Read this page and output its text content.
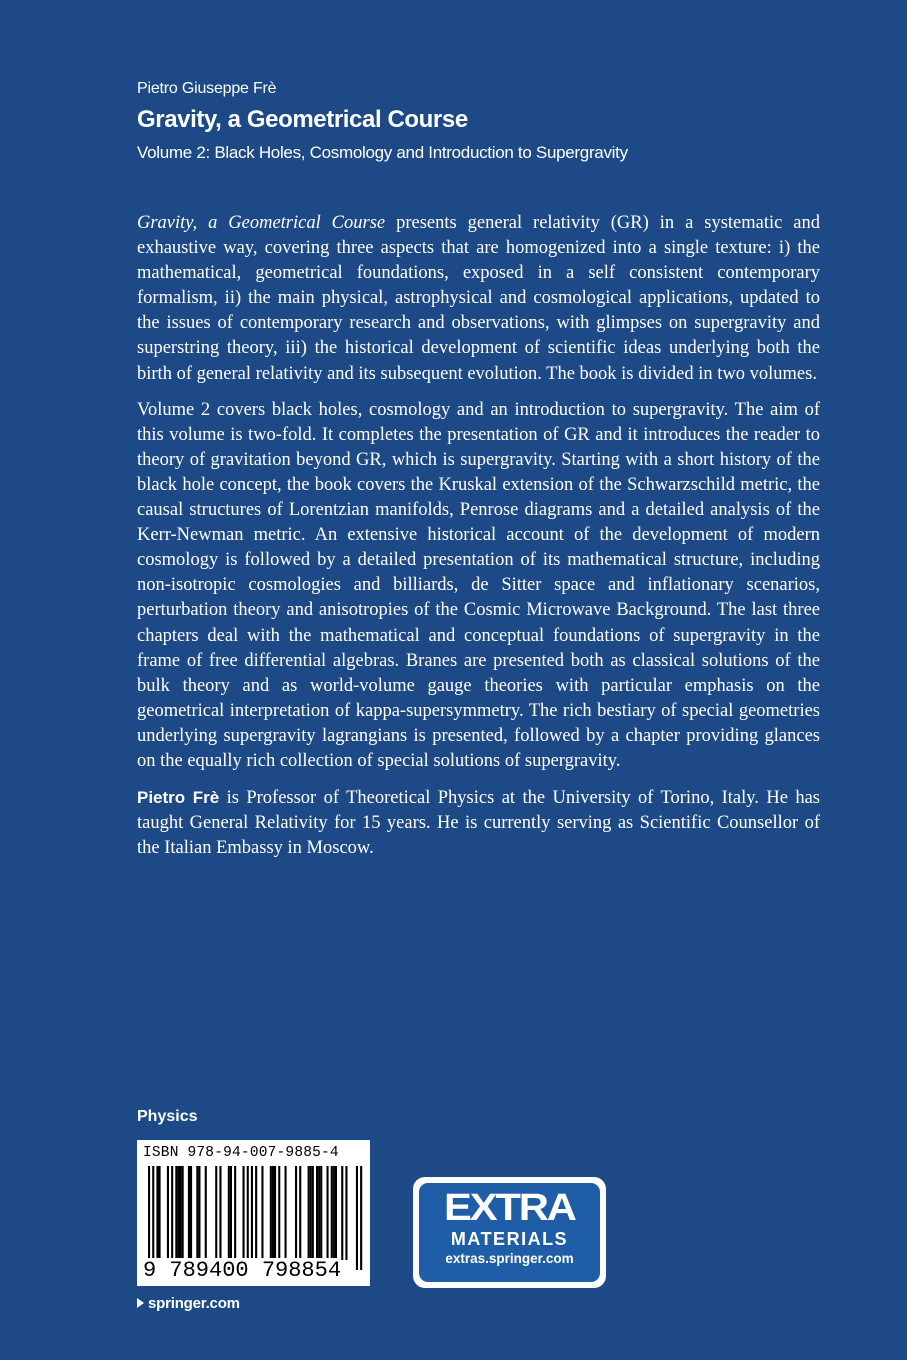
Pietro Giuseppe Frè
Gravity, a Geometrical Course
Volume 2: Black Holes, Cosmology and Introduction to Supergravity

Gravity, a Geometrical Course presents general relativity (GR) in a systematic and exhaustive way, covering three aspects that are homogenized into a single texture: i) the mathematical, geometrical foundations, exposed in a self consistent contemporary formalism, ii) the main physical, astrophysical and cosmological applications, updated to the issues of contemporary research and observations, with glimpses on supergravity and superstring theory, iii) the historical development of scientific ideas underlying both the birth of general relativity and its subsequent evolution. The book is divided in two volumes.

Volume 2 covers black holes, cosmology and an introduction to supergravity. The aim of this volume is two-fold. It completes the presentation of GR and it introduces the reader to theory of gravitation beyond GR, which is supergravity. Starting with a short history of the black hole concept, the book covers the Kruskal extension of the Schwarzschild metric, the causal structures of Lorentzian manifolds, Penrose diagrams and a detailed analysis of the Kerr-Newman metric. An extensive historical account of the development of modern cosmology is followed by a detailed presentation of its mathematical structure, including non-isotropic cosmologies and billiards, de Sitter space and inflationary scenarios, perturbation theory and anisotropies of the Cosmic Microwave Background. The last three chapters deal with the mathematical and conceptual foundations of supergravity in the frame of free differential algebras. Branes are presented both as classical solutions of the bulk theory and as world-volume gauge theories with particular emphasis on the geometrical interpretation of kappa-supersymmetry. The rich bestiary of special geometries underlying supergravity lagrangians is presented, followed by a chapter providing glances on the equally rich collection of special solutions of supergravity.

Pietro Frè is Professor of Theoretical Physics at the University of Torino, Italy. He has taught General Relativity for 15 years. He is currently serving as Scientific Counsellor of the Italian Embassy in Moscow.

Physics
ISBN 978-94-007-9885-4
9 789400 798854
springer.com
EXTRA
MATERIALS
extras.springer.com
